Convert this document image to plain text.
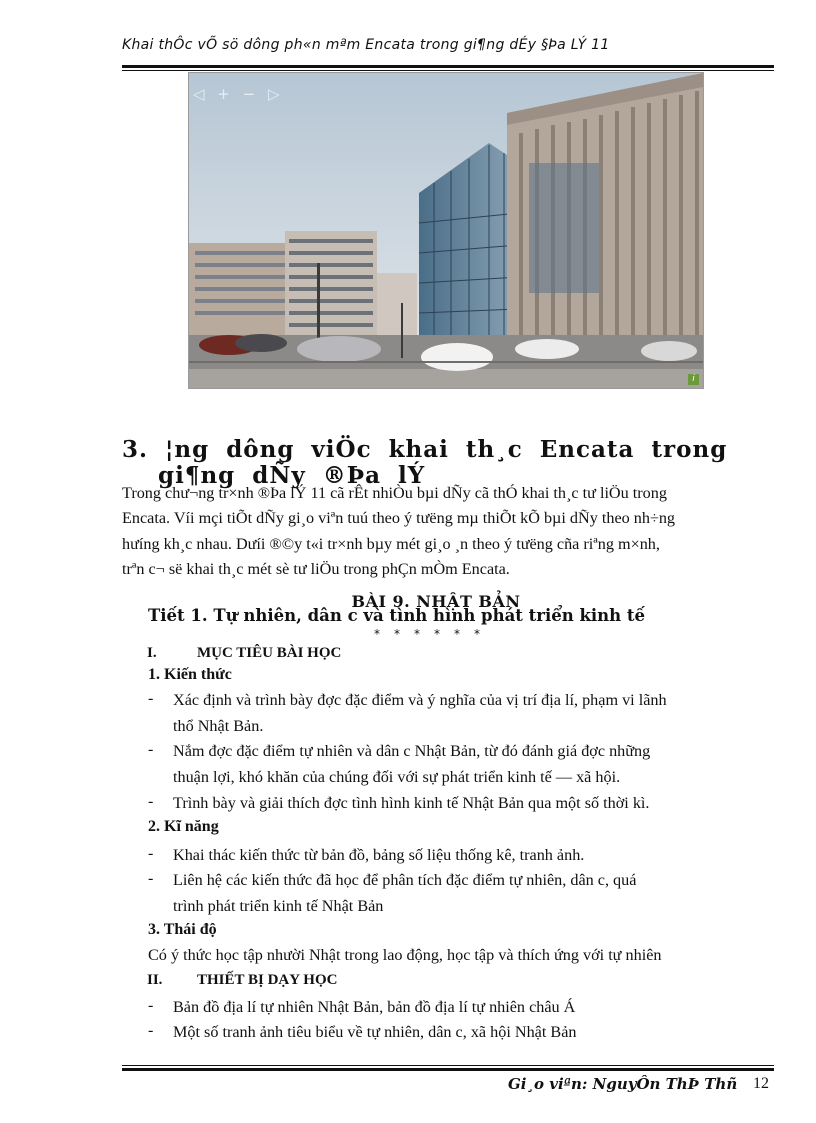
Khai thÔc vÕ sö dông ph«n mªm Encata trong gi¶ng dÉy §Þa LÝ 11
◁ + − ▷
i
3. ¦ng dông viÖc khai th¸c Encata trong
gi¶ng dÑy ®Þa lÝ
Trong chư¬ng tr×nh ®Þa lÝ 11 cã rÊt nhiÒu bµi dÑy cã thÓ khai th¸c tư liÖu trong
Encata. Víi mçi tiÕt dÑy gi¸o viªn tuú theo ý tưëng mµ thiÕt kÕ bµi dÑy theo nh÷ng
hưíng kh¸c nhau. Dưíi ®©y t«i tr×nh bµy mét gi¸o ¸n theo ý tưëng cña riªng m×nh,
trªn c¬ së khai th¸c mét sè tư liÖu trong phÇn mÒm Encata.
BÀI 9. NHẬT BẢN
Tiết 1. Tự nhiên, dân c và tình hình phát triển kinh tế
******
I.	MỤC TIÊU BÀI HỌC
1. Kiến thức
- Xác định và trình bày đợc đặc điểm và ý nghĩa của vị trí địa lí, phạm vi lãnh
thổ Nhật Bản.
- Nắm đợc đặc điểm tự nhiên và dân c Nhật Bản, từ đó đánh giá đợc những
thuận lợi, khó khăn của chúng đối với sự phát triển kinh tế — xã hội.
- Trình bày và giải thích đợc tình hình kinh tế Nhật Bản qua một số thời kì.
2. Kĩ năng
- Khai thác kiến thức từ bản đồ, bảng số liệu thống kê, tranh ảnh.
- Liên hệ các kiến thức đã học để phân tích đặc điểm tự nhiên, dân c, quá
trình phát triển kinh tế Nhật Bản
3. Thái độ
Có ý thức học tập nhười Nhật trong lao động, học tập và thích ứng với tự nhiên
II. THIẾT BỊ DẠY HỌC
- Bản đồ địa lí tự nhiên Nhật Bản, bản đồ địa lí tự nhiên châu Á
- Một số tranh ảnh tiêu biểu về tự nhiên, dân c, xã hội Nhật Bản
Gi¸o viªn: NguyÔn ThÞ Thñ 12
